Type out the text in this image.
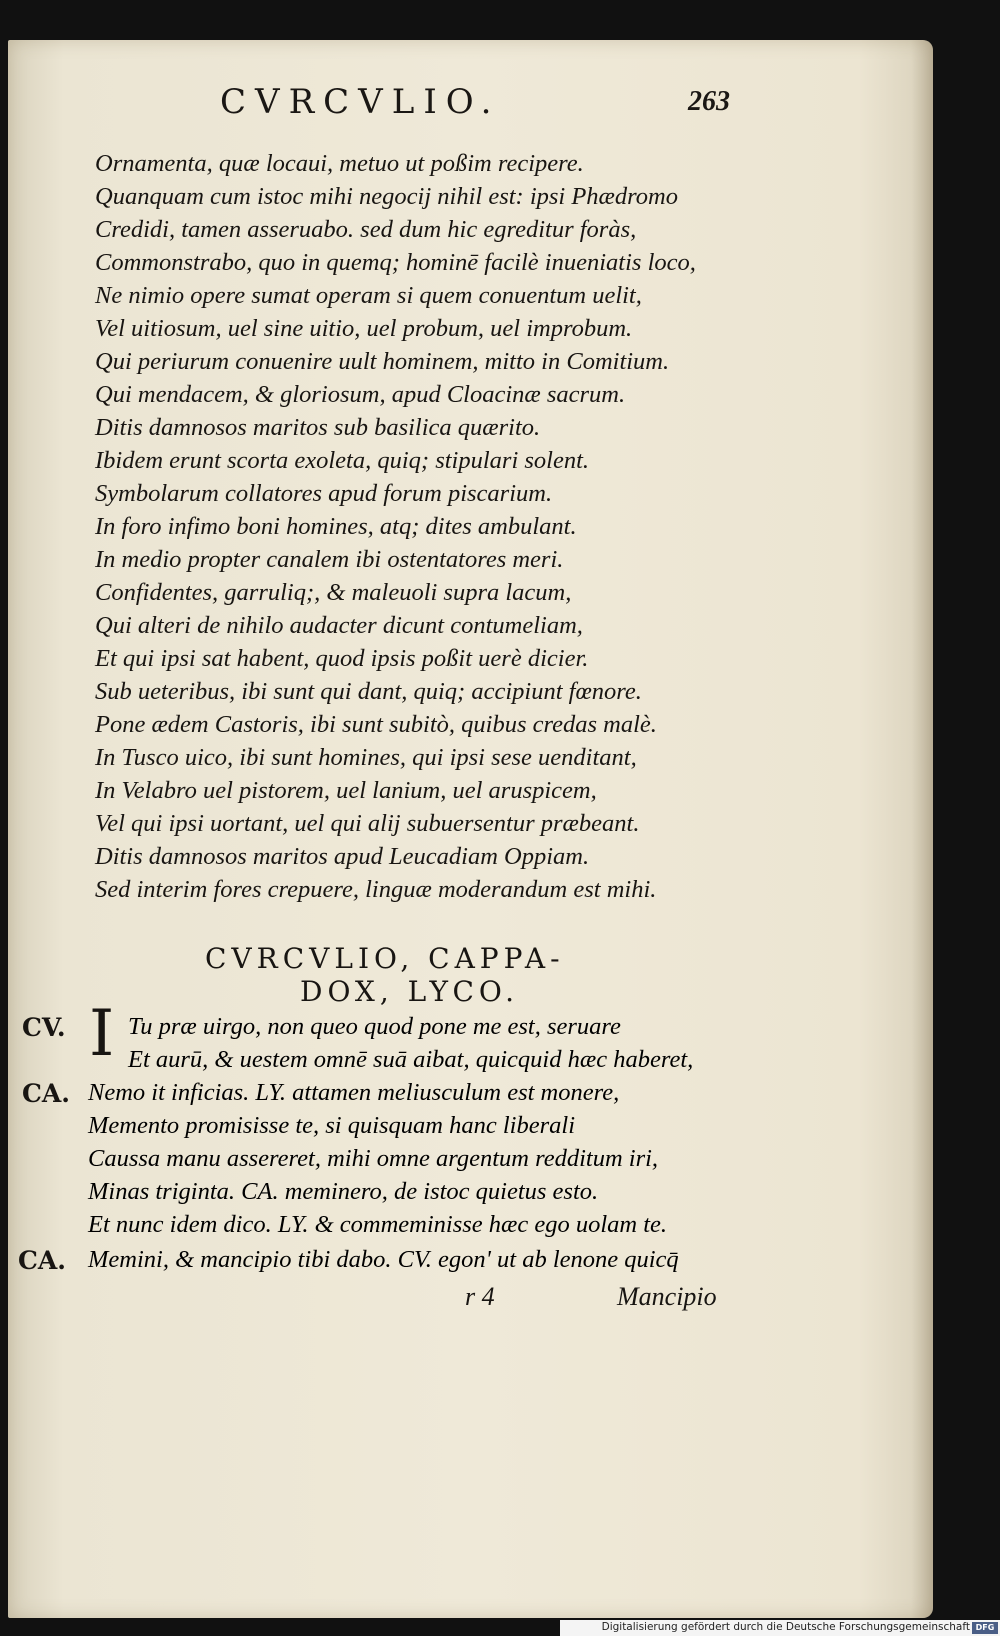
CVRCVLIO.	263
Ornamenta, quæ locaui, metuo ut poßim recipere.
Quanquam cum istoc mihi negocij nihil est: ipsi Phædromo
Credidi, tamen asseruabo. sed dum hic egreditur foràs,
Commonstrabo, quo in quemq; hominē facilè inueniatis loco,
Ne nimio opere sumat operam si quem conuentum uelit,
Vel uitiosum, uel sine uitio, uel probum, uel improbum.
Qui periurum conuenire uult hominem, mitto in Comitium.
Qui mendacem, & gloriosum, apud Cloacinæ sacrum.
Ditis damnosos maritos sub basilica quærito.
Ibidem erunt scorta exoleta, quiq; stipulari solent.
Symbolarum collatores apud forum piscarium.
In foro infimo boni homines, atq; dites ambulant.
In medio propter canalem ibi ostentatores meri.
Confidentes, garruliq;, & maleuoli supra lacum,
Qui alteri de nihilo audacter dicunt contumeliam,
Et qui ipsi sat habent, quod ipsis poßit uerè dicier.
Sub ueteribus, ibi sunt qui dant, quiq; accipiunt fœnore.
Pone ædem Castoris, ibi sunt subitò, quibus credas malè.
In Tusco uico, ibi sunt homines, qui ipsi sese uenditant,
In Velabro uel pistorem, uel lanium, uel aruspicem,
Vel qui ipsi uortant, uel qui alij subuersentur præbeant.
Ditis damnosos maritos apud Leucadiam Oppiam.
Sed interim fores crepuere, linguæ moderandum est mihi.
CVRCVLIO, CAPPA-
DOX, LYCO.
I
CV.	Tu præ uirgo, non queo quod pone me est, seruare
Et aurū, & uestem omnē suā aibat, quicquid hæc haberet,
CA. Nemo it inficias. LY. attamen meliusculum est monere,
Memento promisisse te, si quisquam hanc liberali
Caussa manu assereret, mihi omne argentum redditum iri,
Minas triginta. CA. meminero, de istoc quietus esto.
Et nunc idem dico. LY. & commeminisse hæc ego uolam te.
CA. Memini, & mancipio tibi dabo. CV. egon' ut ab lenone quicq̄
r 4	Mancipio
Digitalisierung gefördert durch die Deutsche Forschungsgemeinschaft DFG
